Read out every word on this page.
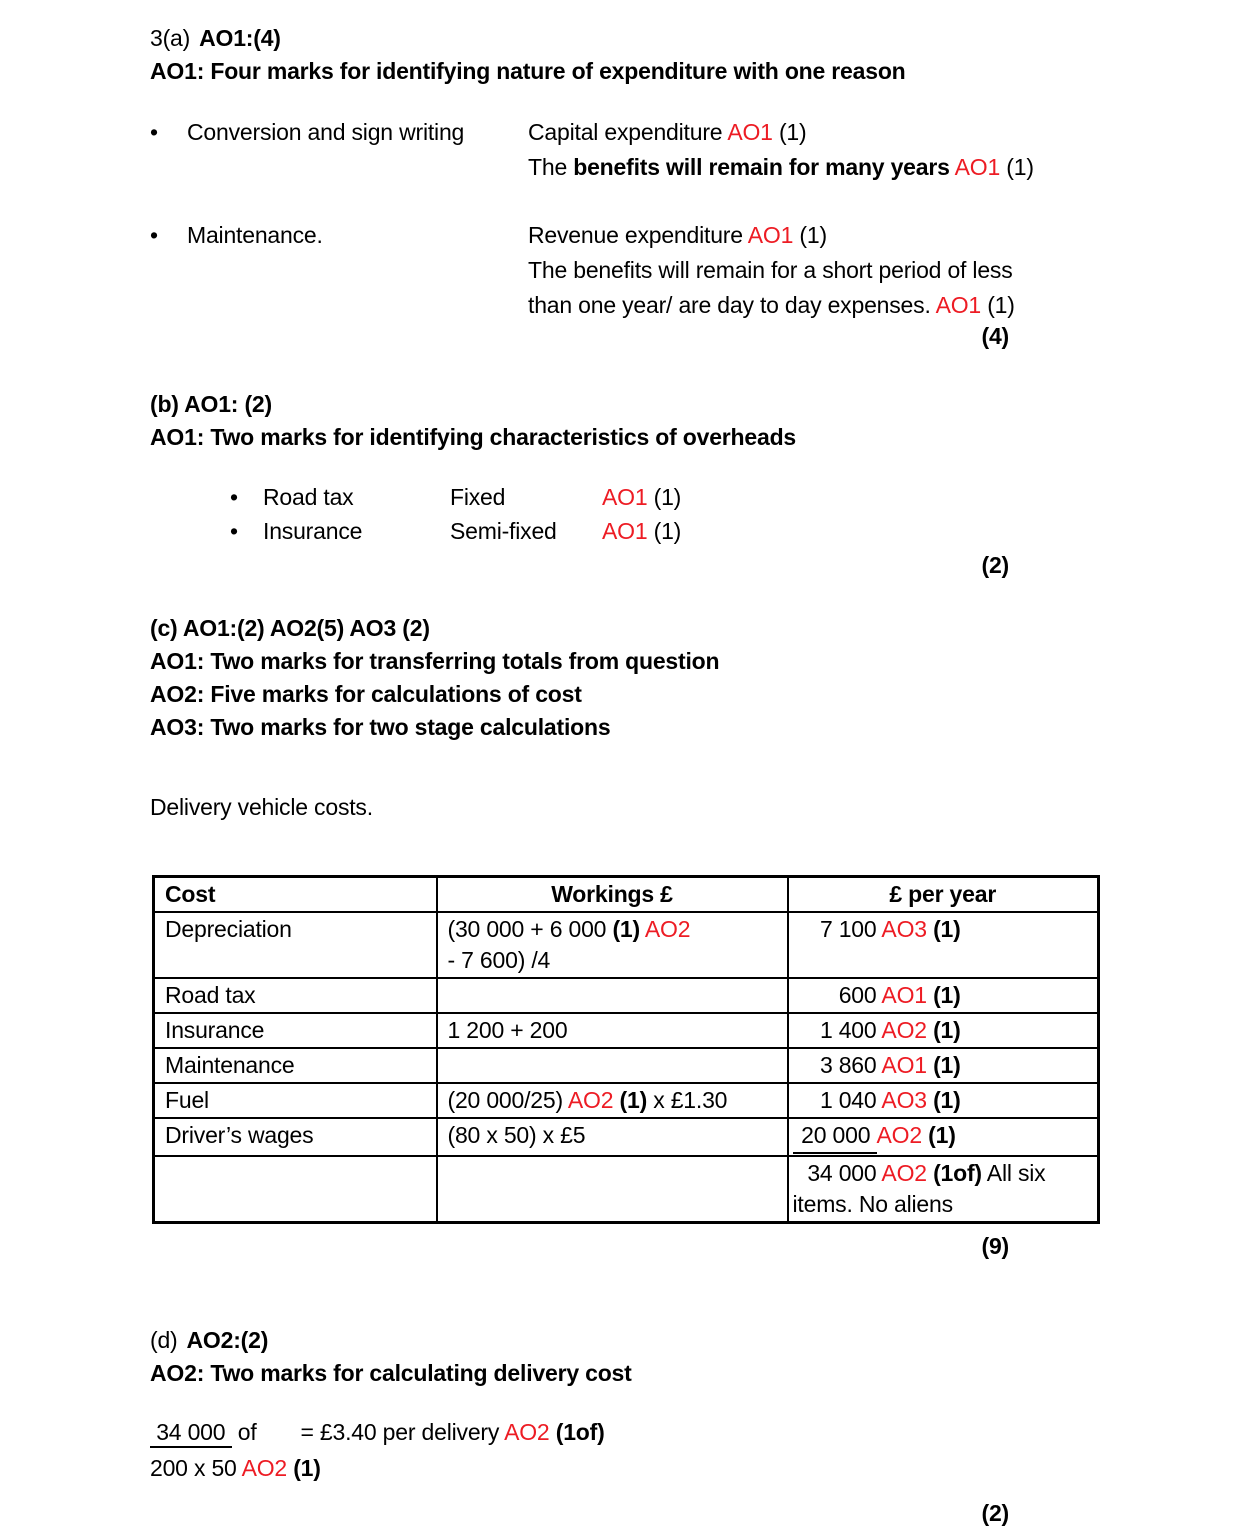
3(a) AO1:(4)
AO1: Four marks for identifying nature of expenditure with one reason
•	Conversion and sign writing	Capital expenditure AO1 (1)
The benefits will remain for many years AO1 (1)
•	Maintenance.	Revenue expenditure AO1 (1)
The benefits will remain for a short period of less
than one year/ are day to day expenses. AO1 (1)
(4)
(b) AO1: (2)
AO1: Two marks for identifying characteristics of overheads
•	Road tax	Fixed	AO1 (1)
•	Insurance	Semi-fixed	AO1 (1)
(2)
(c) AO1:(2) AO2(5) AO3 (2)
AO1: Two marks for transferring totals from question
AO2: Five marks for calculations of cost
AO3: Two marks for two stage calculations
Delivery vehicle costs.
Cost	Workings £	£ per year
Depreciation	(30 000 + 6 000 (1) AO2
- 7 600) /4	7 100 AO3 (1)
Road tax		600 AO1 (1)
Insurance	1 200 + 200	1 400 AO2 (1)
Maintenance		3 860 AO1 (1)
Fuel	(20 000/25) AO2 (1) x £1.30	1 040 AO3 (1)
Driver’s wages	(80 x 50) x £5	20 000 AO2 (1)
		34 000 AO2 (1of) All six
items. No aliens
(9)
(d) AO2:(2)
AO2: Two marks for calculating delivery cost
34 000  of = £3.40 per delivery AO2 (1of)
200 x 50 AO2 (1)
(2)
